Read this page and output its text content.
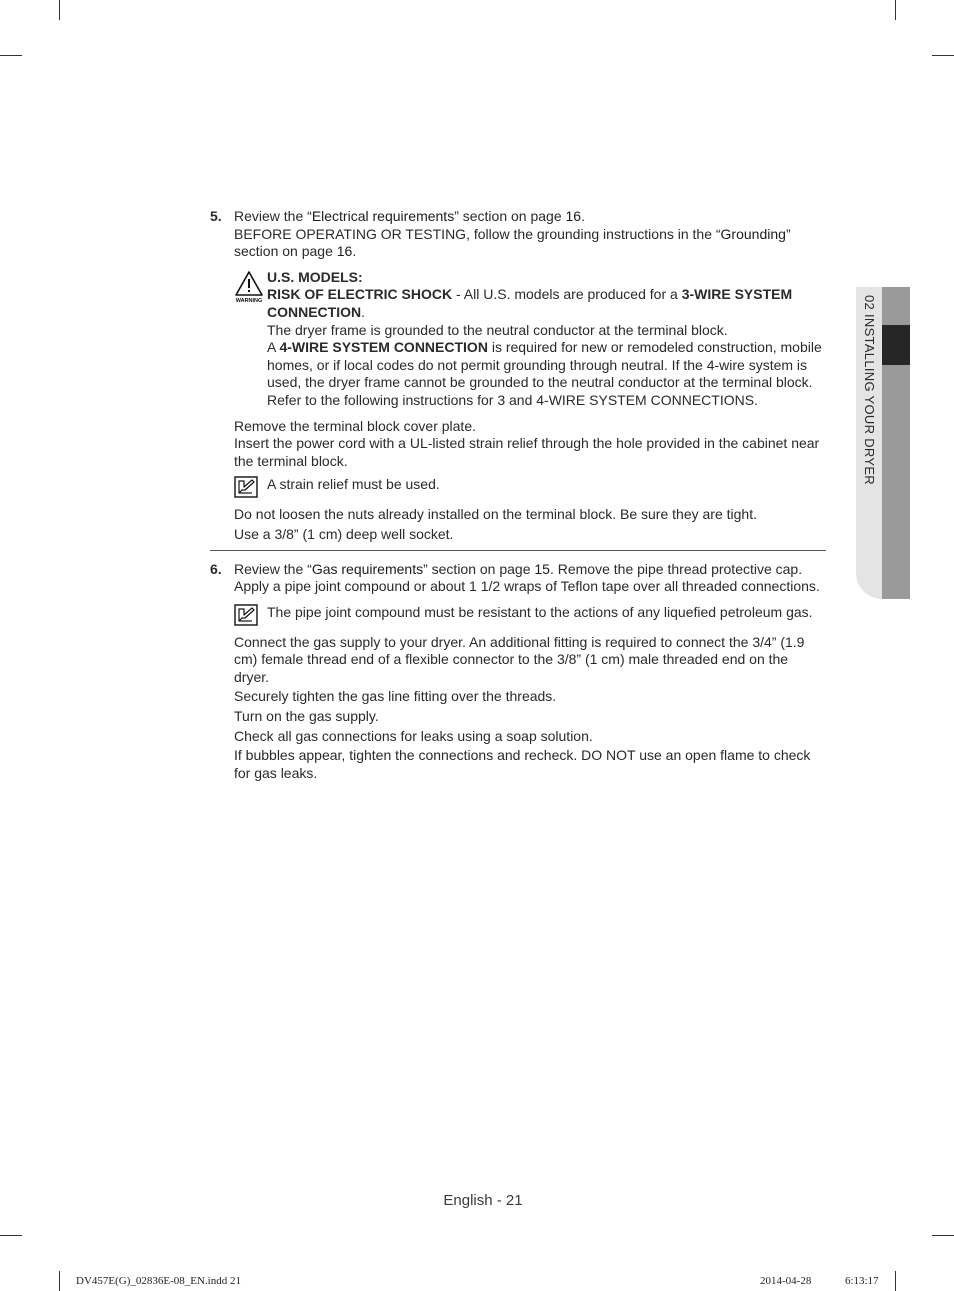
5. Review the “Electrical requirements” section on page 16.

BEFORE OPERATING OR TESTING, follow the grounding instructions in the “Grounding” section on page 16.

WARNING

U.S. MODELS:

RISK OF ELECTRIC SHOCK - All U.S. models are produced for a 3-WIRE SYSTEM CONNECTION.

The dryer frame is grounded to the neutral conductor at the terminal block.

A 4-WIRE SYSTEM CONNECTION is required for new or remodeled construction, mobile homes, or if local codes do not permit grounding through neutral. If the 4-wire system is used, the dryer frame cannot be grounded to the neutral conductor at the terminal block. Refer to the following instructions for 3 and 4-WIRE SYSTEM CONNECTIONS.

Remove the terminal block cover plate.

Insert the power cord with a UL-listed strain relief through the hole provided in the cabinet near the terminal block.

A strain relief must be used.

Do not loosen the nuts already installed on the terminal block. Be sure they are tight.

Use a 3/8” (1 cm) deep well socket.

6. Review the “Gas requirements” section on page 15. Remove the pipe thread protective cap. Apply a pipe joint compound or about 1 1/2 wraps of Teflon tape over all threaded connections.

The pipe joint compound must be resistant to the actions of any liquefied petroleum gas.

Connect the gas supply to your dryer. An additional fitting is required to connect the 3/4” (1.9 cm) female thread end of a flexible connector to the 3/8” (1 cm) male threaded end on the dryer.

Securely tighten the gas line fitting over the threads.

Turn on the gas supply.

Check all gas connections for leaks using a soap solution.

If bubbles appear, tighten the connections and recheck. DO NOT use an open flame to check for gas leaks.

02 INSTALLING YOUR DRYER
English - 21
DV457E(G)_02836E-08_EN.indd 21	2014-04-28	6:13:17
